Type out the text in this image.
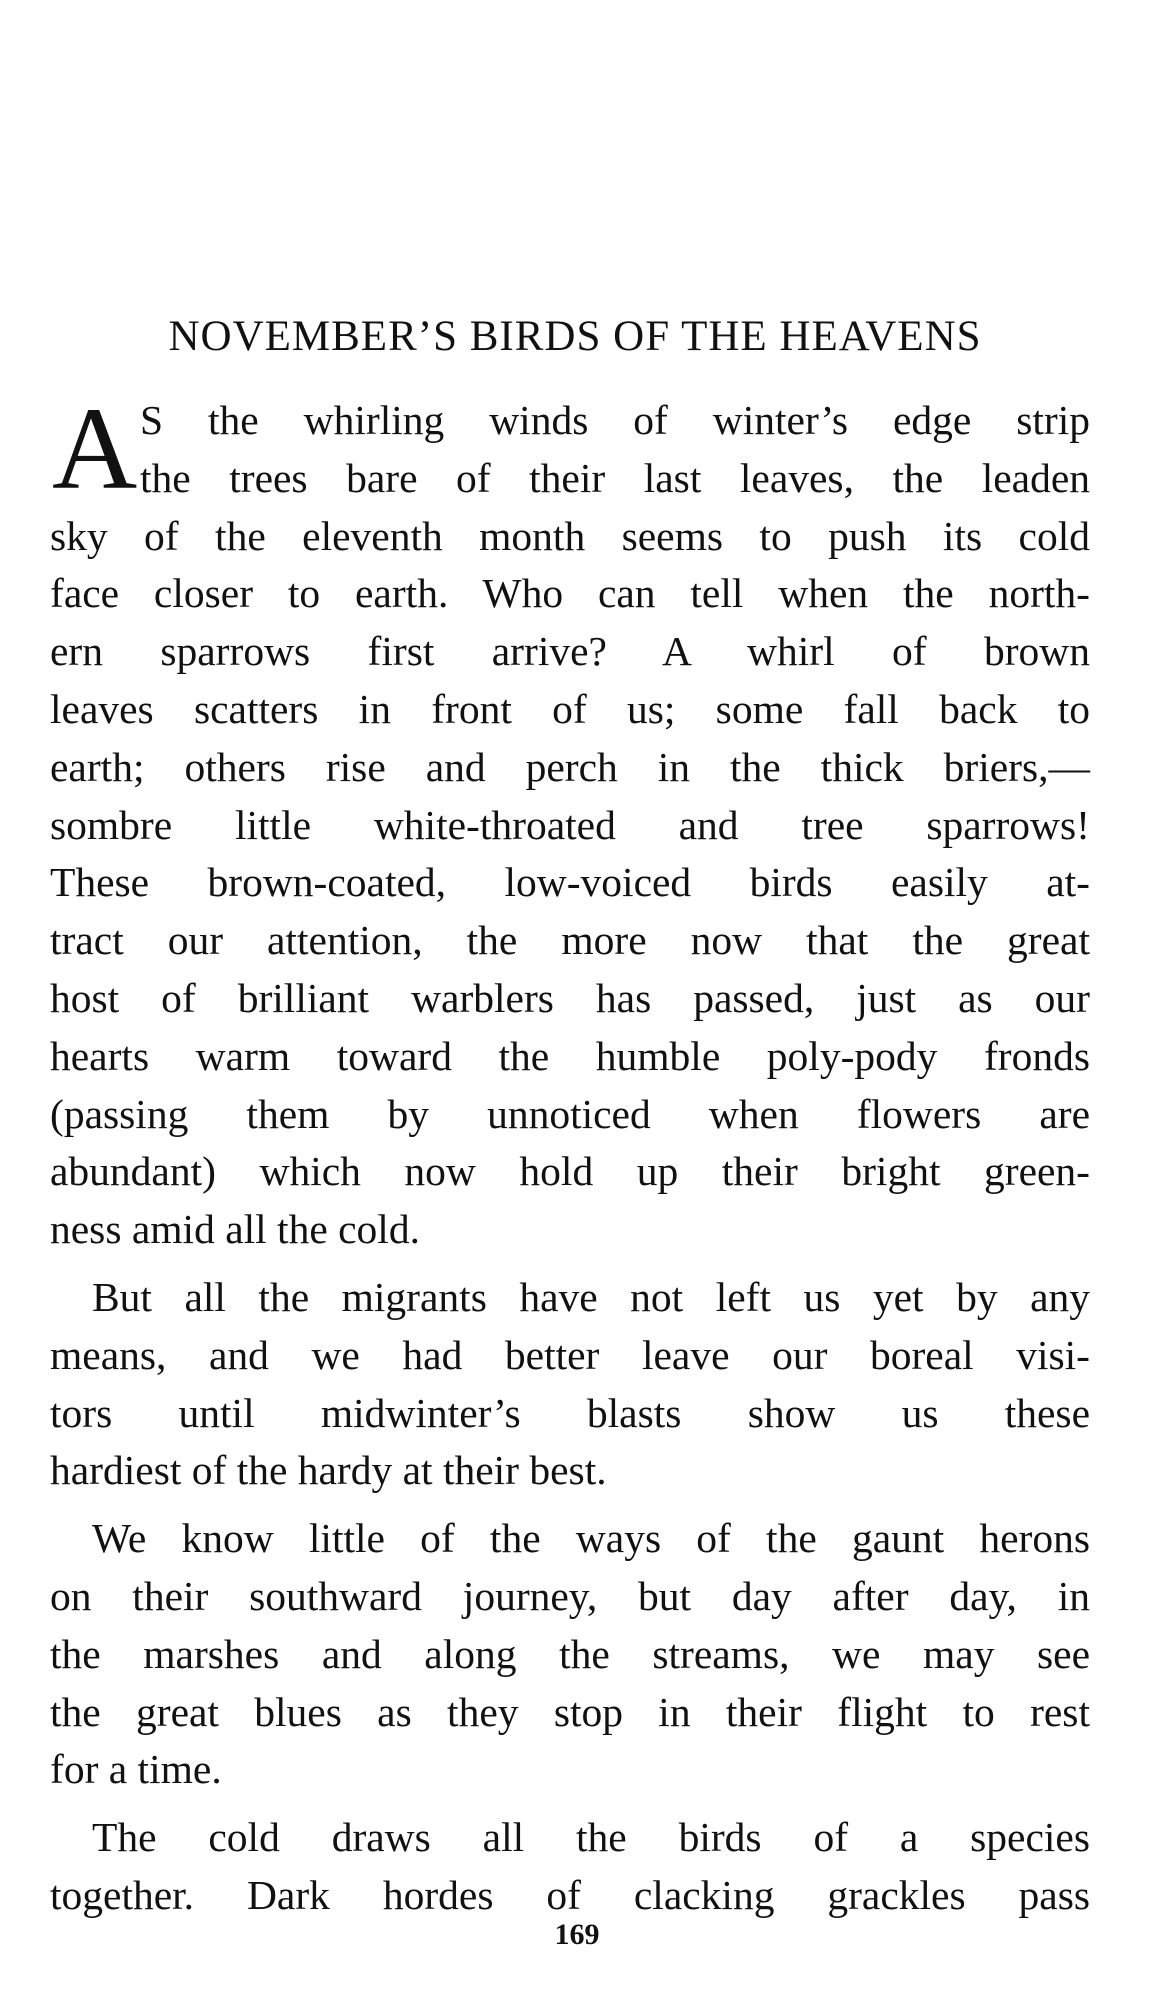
NOVEMBER’S BIRDS OF THE HEAVENS
A S the whirling winds of winter’s edge strip
the trees bare of their last leaves, the leaden
sky of the eleventh month seems to push its cold
face closer to earth. Who can tell when the north-
ern sparrows first arrive? A whirl of brown
leaves scatters in front of us; some fall back to
earth; others rise and perch in the thick briers,—
sombre little white-throated and tree sparrows!
These brown-coated, low-voiced birds easily at-
tract our attention, the more now that the great
host of brilliant warblers has passed, just as our
hearts warm toward the humble poly-pody fronds
(passing them by unnoticed when flowers are
abundant) which now hold up their bright green-
ness amid all the cold.
But all the migrants have not left us yet by any
means, and we had better leave our boreal visi-
tors until midwinter’s blasts show us these
hardiest of the hardy at their best.
We know little of the ways of the gaunt herons
on their southward journey, but day after day, in
the marshes and along the streams, we may see
the great blues as they stop in their flight to rest
for a time.
The cold draws all the birds of a species
together. Dark hordes of clacking grackles pass
169
